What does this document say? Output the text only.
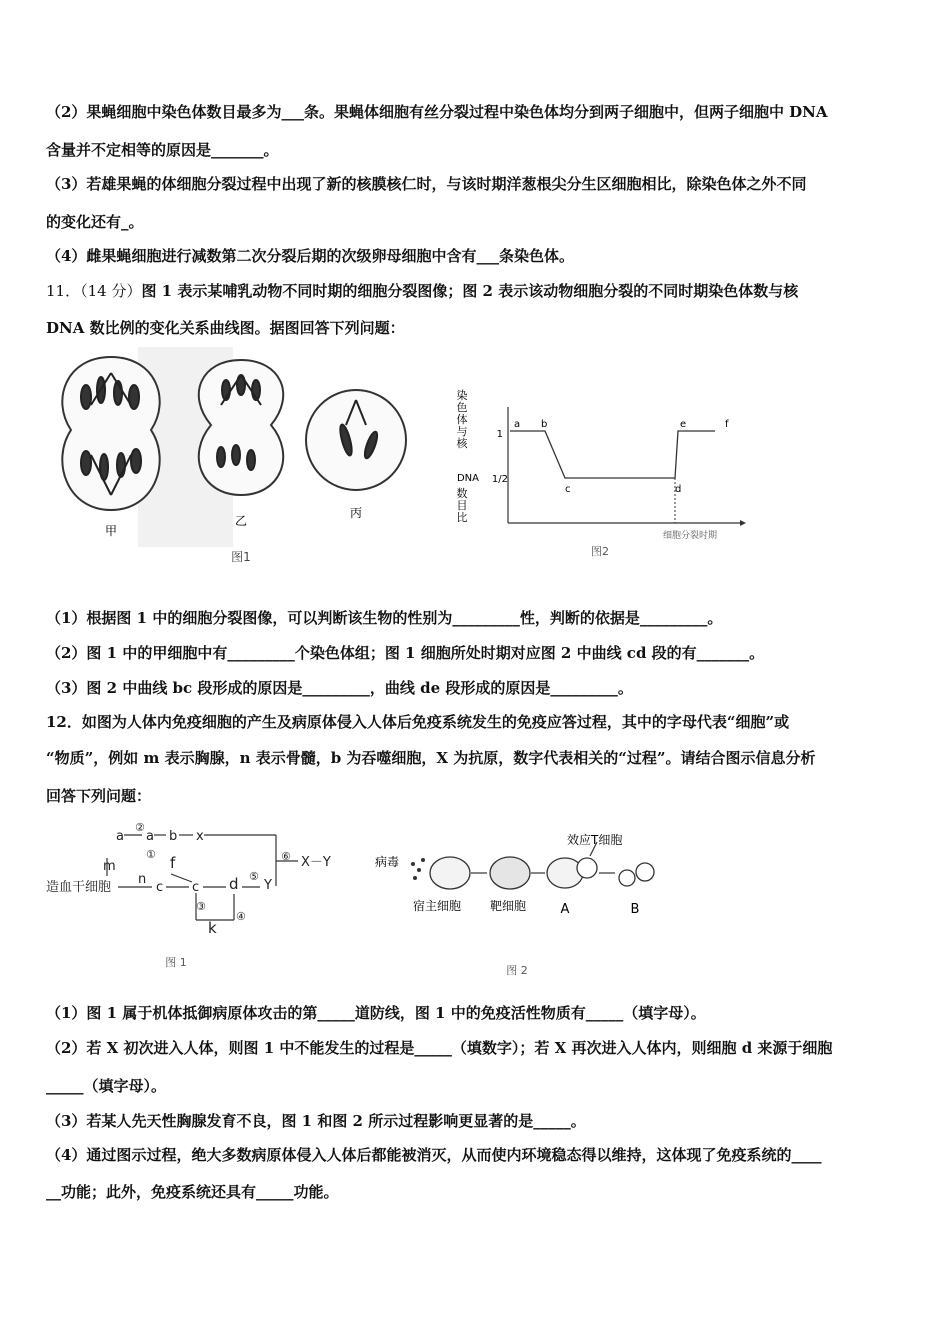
（2）果蝇细胞中染色体数目最多为___条。果蝇体细胞有丝分裂过程中染色体均分到两子细胞中，但两子细胞中 DNA
含量并不定相等的原因是_______。
（3）若雄果蝇的体细胞分裂过程中出现了新的核膜核仁时，与该时期洋葱根尖分生区细胞相比，除染色体之外不同
的变化还有_。
（4）雌果蝇细胞进行减数第二次分裂后期的次级卵母细胞中含有___条染色体。
11．（14 分）图 1 表示某哺乳动物不同时期的细胞分裂图像；图 2 表示该动物细胞分裂的不同时期染色体数与核
DNA 数比例的变化关系曲线图。据图回答下列问题：
甲
乙
丙
图1
染
色
体
与
核
DNA
数
目
比
1
1/2
a b
c	d
e	f
细胞分裂时期
图2
（1）根据图 1 中的细胞分裂图像，可以判断该生物的性别为_________性，判断的依据是_________。
（2）图 1 中的甲细胞中有_________个染色体组；图 1 细胞所处时期对应图 2 中曲线 cd 段的有_______。
（3）图 2 中曲线 bc 段形成的原因是_________，曲线 de 段形成的原因是_________。
12．如图为人体内免疫细胞的产生及病原体侵入人体后免疫系统发生的免疫应答过程，其中的字母代表“细胞”或
“物质”，例如 m 表示胸腺，n 表示骨髓，b 为吞噬细胞，X 为抗原，数字代表相关的“过程”。请结合图示信息分析
回答下列问题：
a a b x
f
m
n
造血干细胞	c c d Y
k
X－Y
②
①
③
④
⑤
⑥
图 1
病毒
效应T细胞
宿主细胞 靶细胞	A	B
图 2
（1）图 1 属于机体抵御病原体攻击的第_____道防线，图 1 中的免疫活性物质有_____（填字母）。
（2）若 X 初次进入人体，则图 1 中不能发生的过程是_____（填数字）；若 X 再次进入人体内，则细胞 d 来源于细胞
_____（填字母）。
（3）若某人先天性胸腺发育不良，图 1 和图 2 所示过程影响更显著的是_____。
（4）通过图示过程，绝大多数病原体侵入人体后都能被消灭，从而使内环境稳态得以维持，这体现了免疫系统的____
__功能；此外，免疫系统还具有_____功能。
